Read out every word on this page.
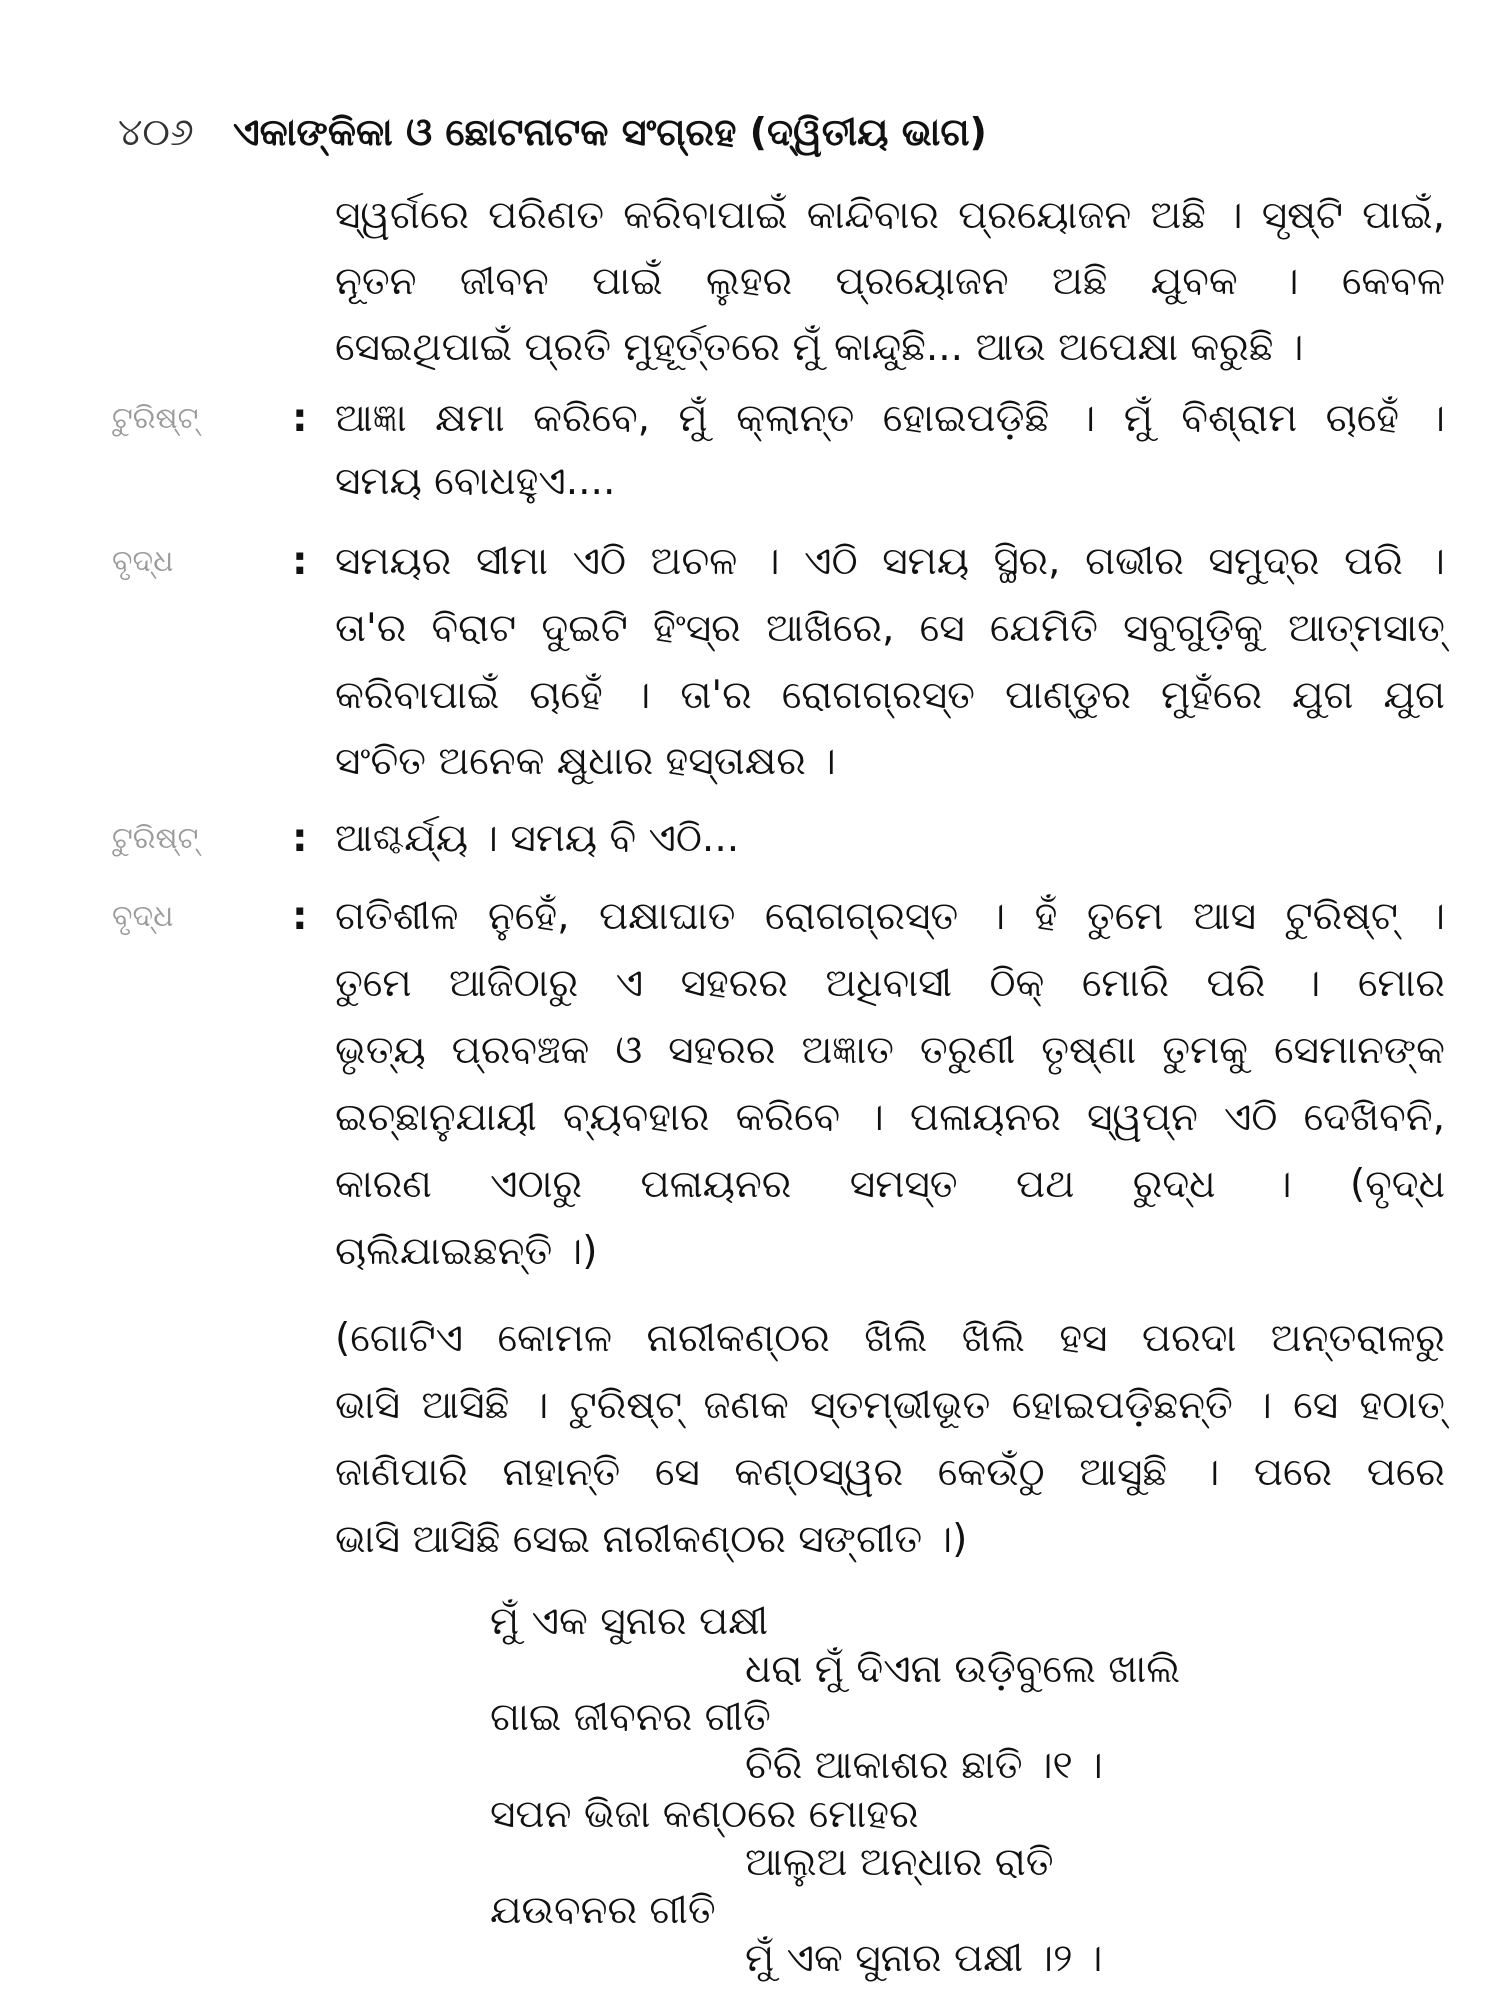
୪୦୬ ଏକାଙ୍କିକା ଓ ଛୋଟନାଟକ ସଂଗ୍ରହ (ଦ୍ୱିତୀୟ ଭାଗ)
ସ୍ୱର୍ଗରେ ପରିଣତ କରିବାପାଇଁ କାନ୍ଦିବାର ପ୍ରୟୋଜନ ଅଛି । ସୃଷ୍ଟି ପାଇଁ,
ନୂତନ ଜୀବନ ପାଇଁ ଲୁହର ପ୍ରୟୋଜନ ଅଛି ଯୁବକ । କେବଳ
ସେଇଥିପାଇଁ ପ୍ରତି ମୁହୂର୍ତ୍ତରେ ମୁଁ କାନ୍ଦୁଛି... ଆଉ ଅପେକ୍ଷା କରୁଛି ।
ଟୁରିଷ୍ଟ୍	: ଆଜ୍ଞା କ୍ଷମା କରିବେ, ମୁଁ କ୍ଲାନ୍ତ ହୋଇପଡ଼ିଛି । ମୁଁ ବିଶ୍ରାମ ଚାହେଁ ।
ସମୟ ବୋଧହୁଏ....
ବୃଦ୍ଧ	: ସମୟର ସୀମା ଏଠି ଅଚଳ । ଏଠି ସମୟ ସ୍ଥିର, ଗଭୀର ସମୁଦ୍ର ପରି ।
ତା'ର ବିରାଟ ଦୁଇଟି ହିଂସ୍ର ଆଖିରେ, ସେ ଯେମିତି ସବୁଗୁଡ଼ିକୁ ଆତ୍ମସାତ୍
କରିବାପାଇଁ ଚାହେଁ । ତା'ର ରୋଗଗ୍ରସ୍ତ ପାଣ୍ଡୁର ମୁହଁରେ ଯୁଗ ଯୁଗ
ସଂଚିତ ଅନେକ କ୍ଷୁଧାର ହସ୍ତାକ୍ଷର ।
ଟୁରିଷ୍ଟ୍	: ଆଶ୍ଚର୍ଯ୍ୟ । ସମୟ ବି ଏଠି...
ବୃଦ୍ଧ	: ଗତିଶୀଳ ନୁହେଁ, ପକ୍ଷାଘାତ ରୋଗଗ୍ରସ୍ତ । ହଁ ତୁମେ ଆସ ଟୁରିଷ୍ଟ୍ ।
ତୁମେ ଆଜିଠାରୁ ଏ ସହରର ଅଧିବାସୀ ଠିକ୍ ମୋରି ପରି । ମୋର
ଭୃତ୍ୟ ପ୍ରବଞ୍ଚକ ଓ ସହରର ଅଜ୍ଞାତ ତରୁଣୀ ତୃଷ୍ଣା ତୁମକୁ ସେମାନଙ୍କ
ଇଚ୍ଛାନୁଯାୟୀ ବ୍ୟବହାର କରିବେ । ପଳାୟନର ସ୍ୱପ୍ନ ଏଠି ଦେଖିବନି,
କାରଣ ଏଠାରୁ ପଳାୟନର ସମସ୍ତ ପଥ ରୁଦ୍ଧ । (ବୃଦ୍ଧ
ଚାଲିଯାଇଛନ୍ତି ।)
(ଗୋଟିଏ କୋମଳ ନାରୀକଣ୍ଠର ଖିଲି ଖିଲି ହସ ପରଦା ଅନ୍ତରାଳରୁ
ଭାସି ଆସିଛି । ଟୁରିଷ୍ଟ୍ ଜଣକ ସ୍ତମ୍ଭୀଭୂତ ହୋଇପଡ଼ିଛନ୍ତି । ସେ ହଠାତ୍
ଜାଣିପାରି ନାହାନ୍ତି ସେ କଣ୍ଠସ୍ୱର କେଉଁଠୁ ଆସୁଛି । ପରେ ପରେ
ଭାସି ଆସିଛି ସେଇ ନାରୀକଣ୍ଠର ସଙ୍ଗୀତ ।)
ମୁଁ ଏକ ସୁନାର ପକ୍ଷୀ
ଧରା ମୁଁ ଦିଏନା ଉଡ଼ିବୁଲେ ଖାଲି
ଗାଇ ଜୀବନର ଗୀତି
ଚିରି ଆକାଶର ଛାତି ।୧ ।
ସପନ ଭିଜା କଣ୍ଠରେ ମୋହର
ଆଲୁଅ ଅନ୍ଧାର ରାତି
ଯଉବନର ଗୀତି
ମୁଁ ଏକ ସୁନାର ପକ୍ଷୀ ।୨ ।
